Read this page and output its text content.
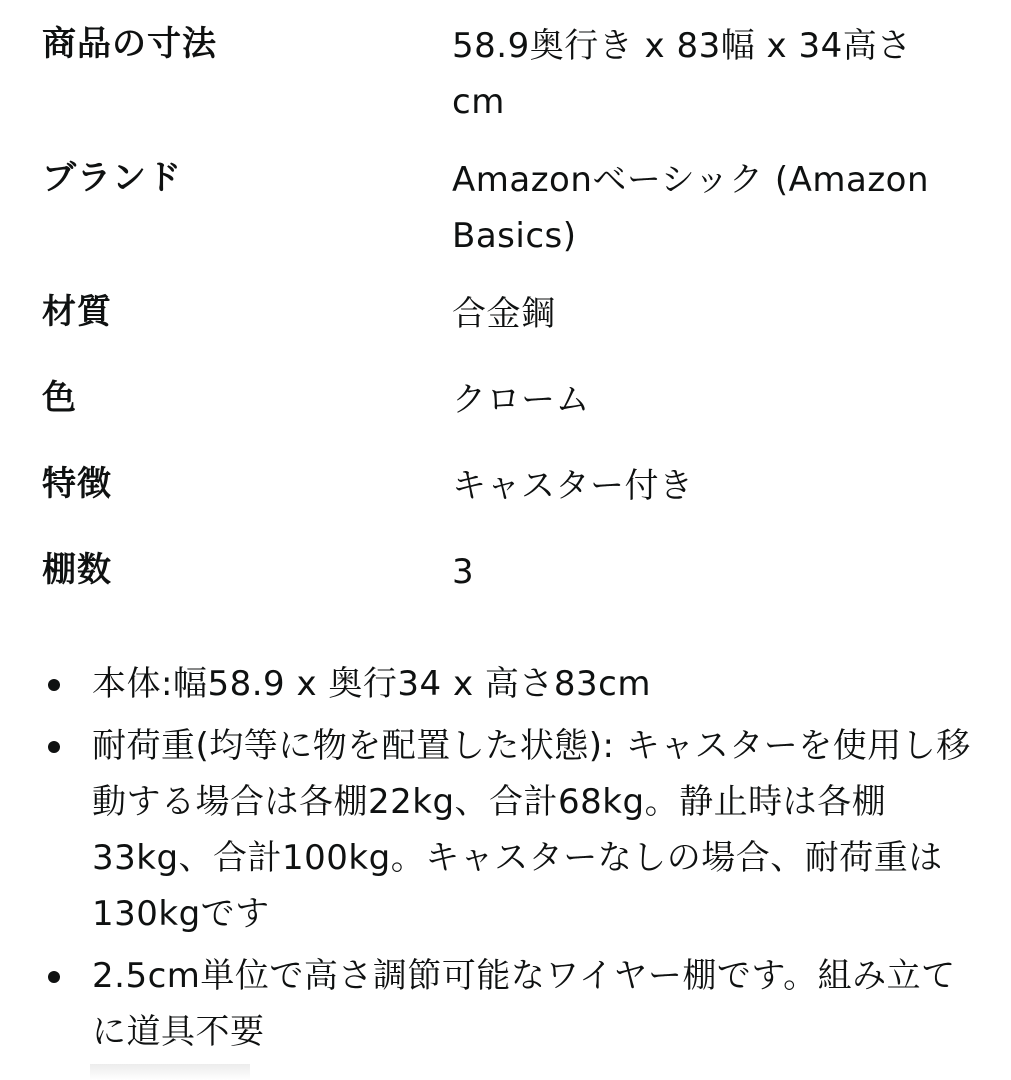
商品の寸法	58.9奥行き x 83幅 x 34高さ cm
ブランド	Amazonベーシック (Amazon Basics)
材質	合金鋼
色	クローム
特徴	キャスター付き
棚数	3
本体:幅58.9 x 奥行34 x 高さ83cm
耐荷重(均等に物を配置した状態): キャスターを使用し移動する場合は各棚22kg、合計68kg。静止時は各棚33kg、合計100kg。キャスターなしの場合、耐荷重は130kgです
2.5cm単位で高さ調節可能なワイヤー棚です。組み立てに道具不要
